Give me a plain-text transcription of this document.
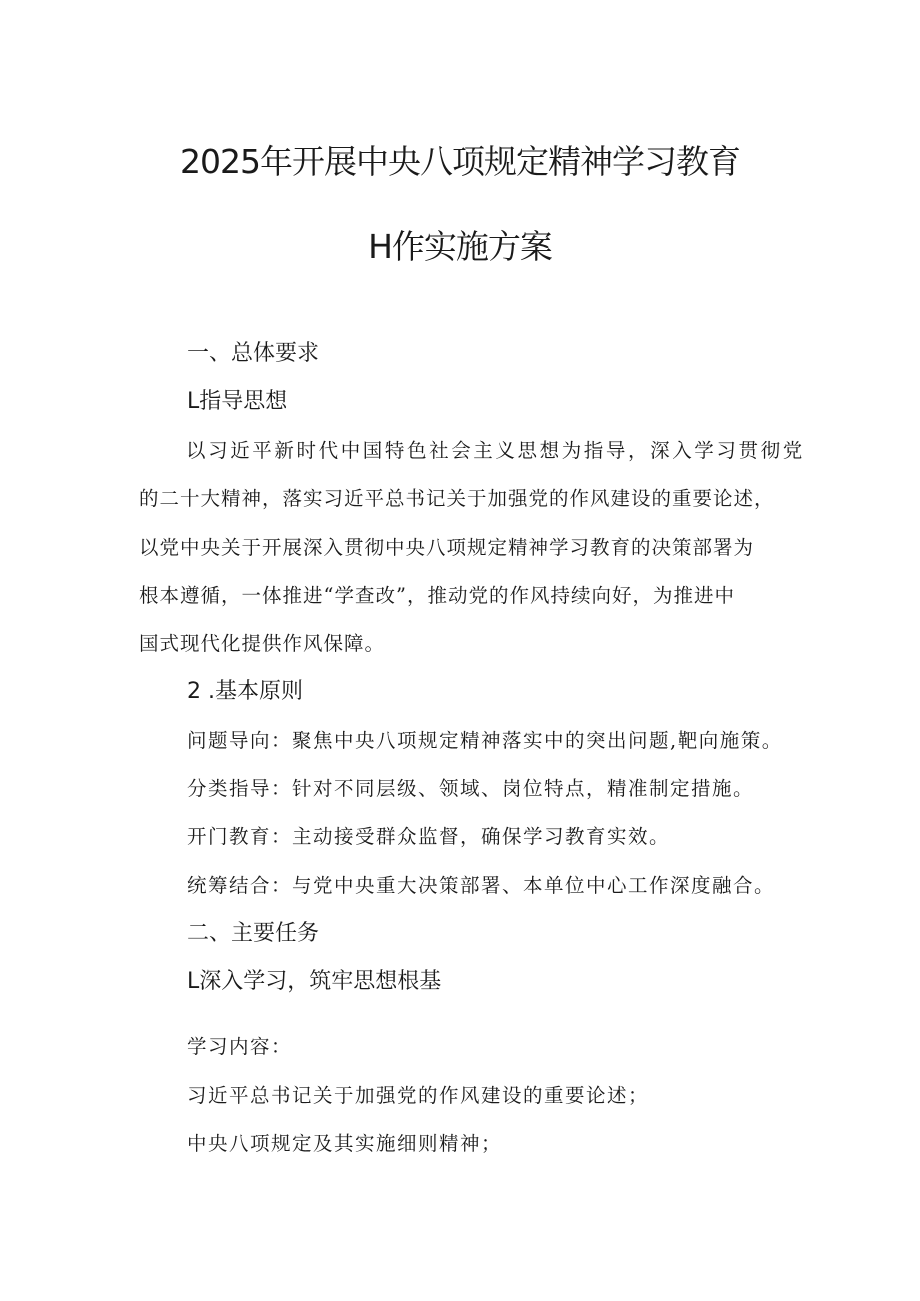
2025年开展中央八项规定精神学习教育
H作实施方案
一、总体要求
L指导思想
以习近平新时代中国特色社会主义思想为指导，深入学习贯彻党
的二十大精神，落实习近平总书记关于加强党的作风建设的重要论述，
以党中央关于开展深入贯彻中央八项规定精神学习教育的决策部署为
根本遵循，一体推进“学查改”，推动党的作风持续向好，为推进中
国式现代化提供作风保障。
2 .基本原则
问题导向：聚焦中央八项规定精神落实中的突出问题,靶向施策。
分类指导：针对不同层级、领域、岗位特点，精准制定措施。
开门教育：主动接受群众监督，确保学习教育实效。
统筹结合：与党中央重大决策部署、本单位中心工作深度融合。
二、主要任务
L深入学习，筑牢思想根基
学习内容：
习近平总书记关于加强党的作风建设的重要论述；
中央八项规定及其实施细则精神；
